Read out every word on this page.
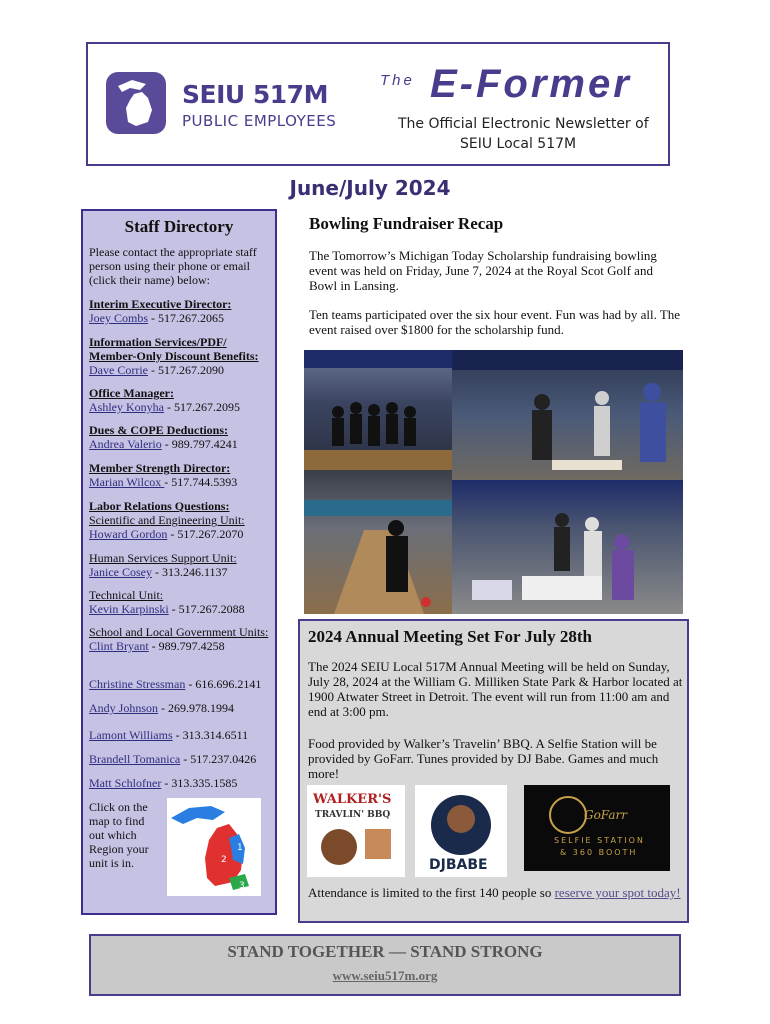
SEIU 517M
PUBLIC EMPLOYEES
The E-Former
The Official Electronic Newsletter of
SEIU Local 517M
June/July 2024
Staff Directory
Please contact the appropriate staff person using their phone or email (click their name) below:
Interim Executive Director:
Joey Combs - 517.267.2065
Information Services/PDF/ Member-Only Discount Benefits:
Dave Corrie - 517.267.2090
Office Manager:
Ashley Konyha - 517.267.2095
Dues & COPE Deductions:
Andrea Valerio - 989.797.4241
Member Strength Director:
Marian Wilcox - 517.744.5393
Labor Relations Questions:
Scientific and Engineering Unit:
Howard Gordon - 517.267.2070
Human Services Support Unit:
Janice Cosey - 313.246.1137
Technical Unit:
Kevin Karpinski - 517.267.2088
School and Local Government Units:
Clint Bryant - 989.797.4258
Christine Stressman - 616.696.2141
Andy Johnson - 269.978.1994
Lamont Williams - 313.314.6511
Brandell Tomanica - 517.237.0426
Matt Schlofner - 313.335.1585
Click on the map to find out which Region your unit is in.	2
1
3
Bowling Fundraiser Recap
The Tomorrow’s Michigan Today Scholarship fundraising bowling event was held on Friday, June 7, 2024 at the Royal Scot Golf and Bowl in Lansing.
Ten teams participated over the six hour event. Fun was had by all. The event raised over $1800 for the scholarship fund.
2024 Annual Meeting Set For July 28th
The 2024 SEIU Local 517M Annual Meeting will be held on Sunday, July 28, 2024 at the William G. Milliken State Park & Harbor located at 1900 Atwater Street in Detroit. The event will run from 11:00 am and end at 3:00 pm.
Food provided by Walker’s Travelin’ BBQ. A Selfie Station will be provided by GoFarr. Tunes provided by DJ Babe. Games and much more!
WALKER'S
TRAVLIN' BBQ
DJBABE
GoFarr
SELFIE STATION
& 360 BOOTH
Attendance is limited to the first 140 people so reserve your spot today!
STAND TOGETHER — STAND STRONG
www.seiu517m.org
